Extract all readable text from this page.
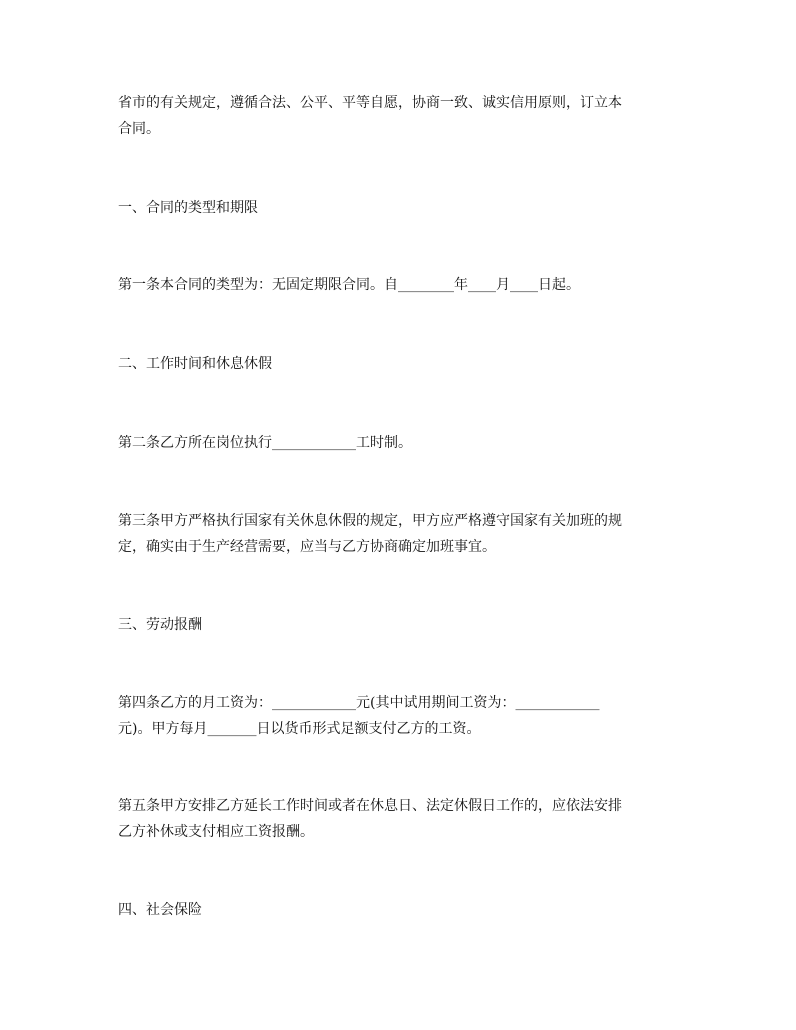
省市的有关规定，遵循合法、公平、平等自愿，协商一致、诚实信用原则，订立本
合同。
一、合同的类型和期限
第一条本合同的类型为：无固定期限合同。自________年____月____日起。
二、工作时间和休息休假
第二条乙方所在岗位执行____________工时制。
第三条甲方严格执行国家有关休息休假的规定，甲方应严格遵守国家有关加班的规
定，确实由于生产经营需要，应当与乙方协商确定加班事宜。
三、劳动报酬
第四条乙方的月工资为：____________元(其中试用期间工资为：____________
元)。甲方每月_______日以货币形式足额支付乙方的工资。
第五条甲方安排乙方延长工作时间或者在休息日、法定休假日工作的，应依法安排
乙方补休或支付相应工资报酬。
四、社会保险
